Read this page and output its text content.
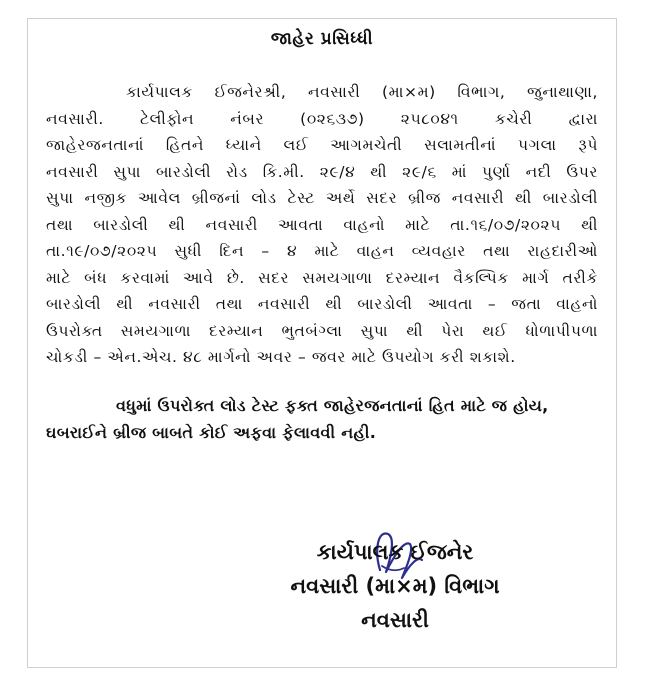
જાહેર પ્રસિધ્ધી
કાર્યપાલક ઈજનેરશ્રી, નવસારી (મા×મ) વિભાગ, જુનાથાણા,
નવસારી. ટેલીફોન નંબર (૦૨૬૩૭) ૨૫૮૦૪૧ કચેરી દ્વારા
જાહેરજનતાનાં હિતને ધ્યાને લઈ આગમચેતી સલામતીનાં પગલા રૂપે
નવસારી સુપા બારડોલી રોડ કિ.મી. ૨૯/૪ થી ૨૯/૬ માં પુર્ણા નદી ઉપર
સુપા નજીક આવેલ બ્રીજનાં લોડ ટેસ્ટ અર્થે સદર બ્રીજ નવસારી થી બારડોલી
તથા બારડોલી થી નવસારી આવતા વાહનો માટે તા.૧૬/૦૭/૨૦૨૫ થી
તા.૧૯/૦૭/૨૦૨૫ સુધી દિન – ૪ માટે વાહન વ્યવહાર તથા રાહદારીઓ
માટે બંધ કરવામાં આવે છે. સદર સમયગાળા દરમ્યાન વૈકલ્પિક માર્ગ તરીકે
બારડોલી થી નવસારી તથા નવસારી થી બારડોલી આવતા – જતા વાહનો
ઉપરોક્ત સમયગાળા દરમ્યાન ભુતબંગ્લા સુપા થી પેરા થઈ ધોળાપીપળા
ચોકડી – એન.એચ. ૪૮ માર્ગનો અવર – જવર માટે ઉપયોગ કરી શકાશે.
વધુમાં ઉપરોક્ત લોડ ટેસ્ટ ફક્ત જાહેરજનતાનાં હિત માટે જ હોય,
ઘબરાઈને બ્રીજ બાબતે કોઈ અફવા ફેલાવવી નહી.
કાર્યપાલક ઈજનેર
નવસારી (મા×મ) વિભાગ
નવસારી
